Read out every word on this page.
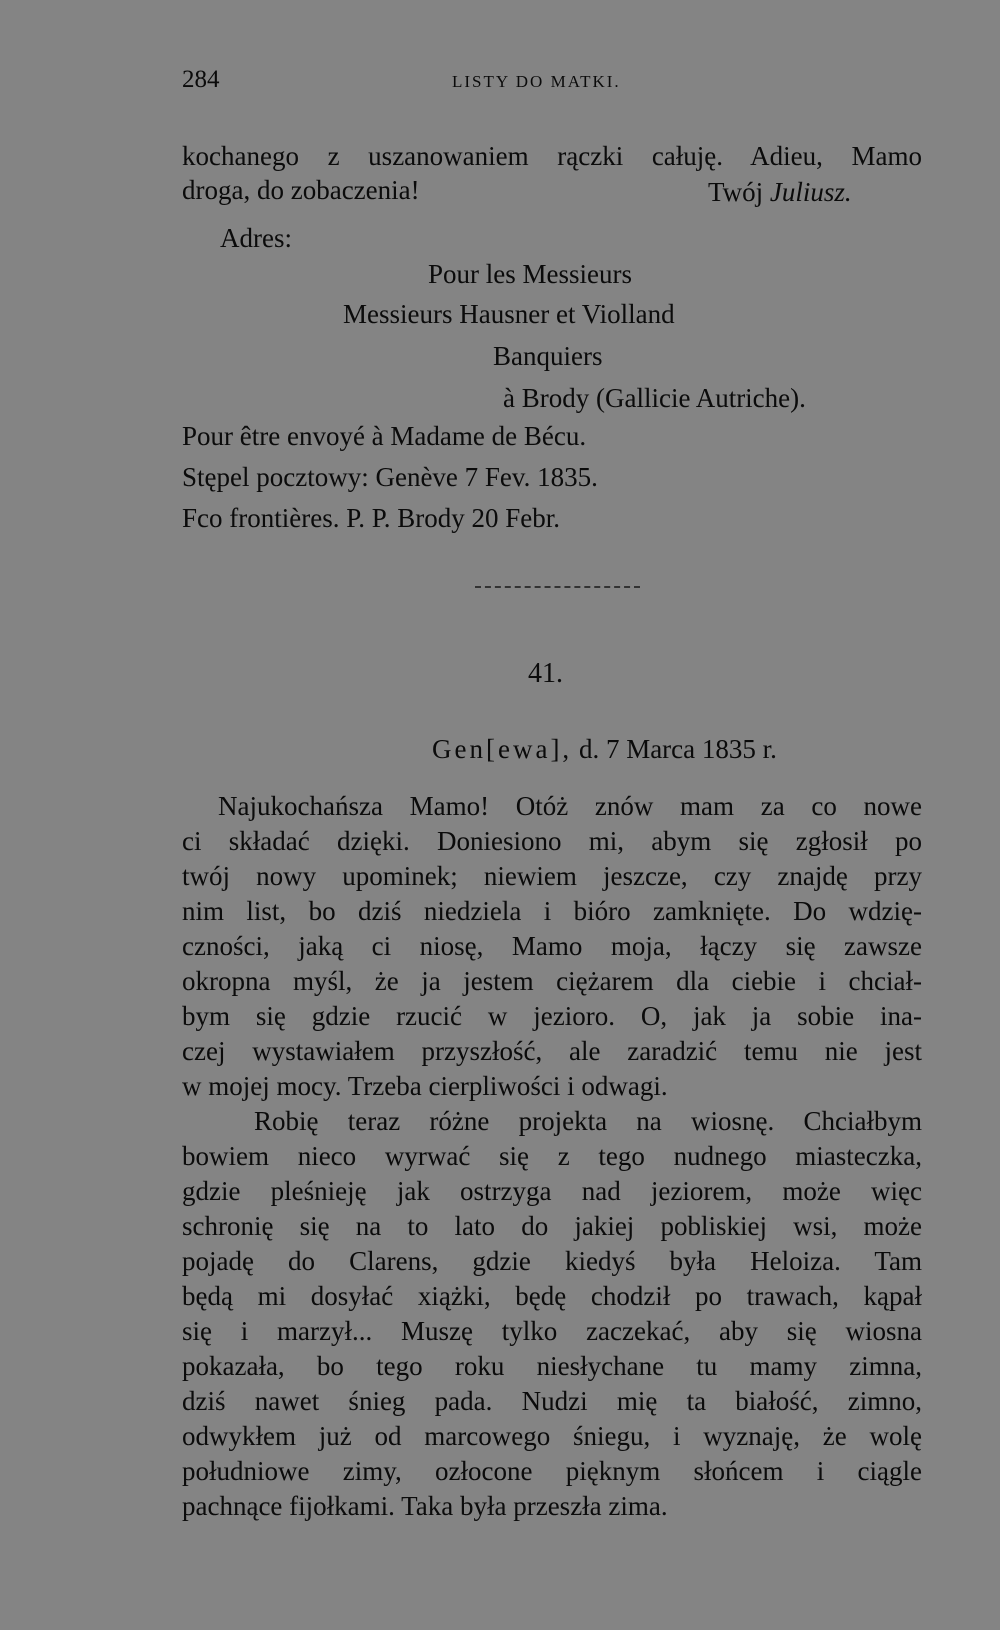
284	LISTY DO MATKI.
kochanego z uszanowaniem rączki całuję. Adieu, Mamo
droga, do zobaczenia!	Twój Juliusz.
Adres:
Pour les Messieurs
Messieurs Hausner et Violland
Banquiers
à Brody (Gallicie Autriche).
Pour être envoyé à Madame de Bécu.
Stępel pocztowy: Genève 7 Fev. 1835.
Fco frontières. P. P. Brody 20 Febr.
41.
Gen[ewa], d. 7 Marca 1835 r.
Najukochańsza Mamo! Otóż znów mam za co nowe
ci składać dzięki. Doniesiono mi, abym się zgłosił po
twój nowy upominek; niewiem jeszcze, czy znajdę przy
nim list, bo dziś niedziela i bióro zamknięte. Do wdzię-
czności, jaką ci niosę, Mamo moja, łączy się zawsze
okropna myśl, że ja jestem ciężarem dla ciebie i chciał-
bym się gdzie rzucić w jezioro. O, jak ja sobie ina-
czej wystawiałem przyszłość, ale zaradzić temu nie jest
w mojej mocy. Trzeba cierpliwości i odwagi.
Robię teraz różne projekta na wiosnę. Chciałbym
bowiem nieco wyrwać się z tego nudnego miasteczka,
gdzie pleśnieję jak ostrzyga nad jeziorem, może więc
schronię się na to lato do jakiej pobliskiej wsi, może
pojadę do Clarens, gdzie kiedyś była Heloiza. Tam
będą mi dosyłać xiążki, będę chodził po trawach, kąpał
się i marzył... Muszę tylko zaczekać, aby się wiosna
pokazała, bo tego roku niesłychane tu mamy zimna,
dziś nawet śnieg pada. Nudzi mię ta białość, zimno,
odwykłem już od marcowego śniegu, i wyznaję, że wolę
południowe zimy, ozłocone pięknym słońcem i ciągle
pachnące fijołkami. Taka była przeszła zima.
